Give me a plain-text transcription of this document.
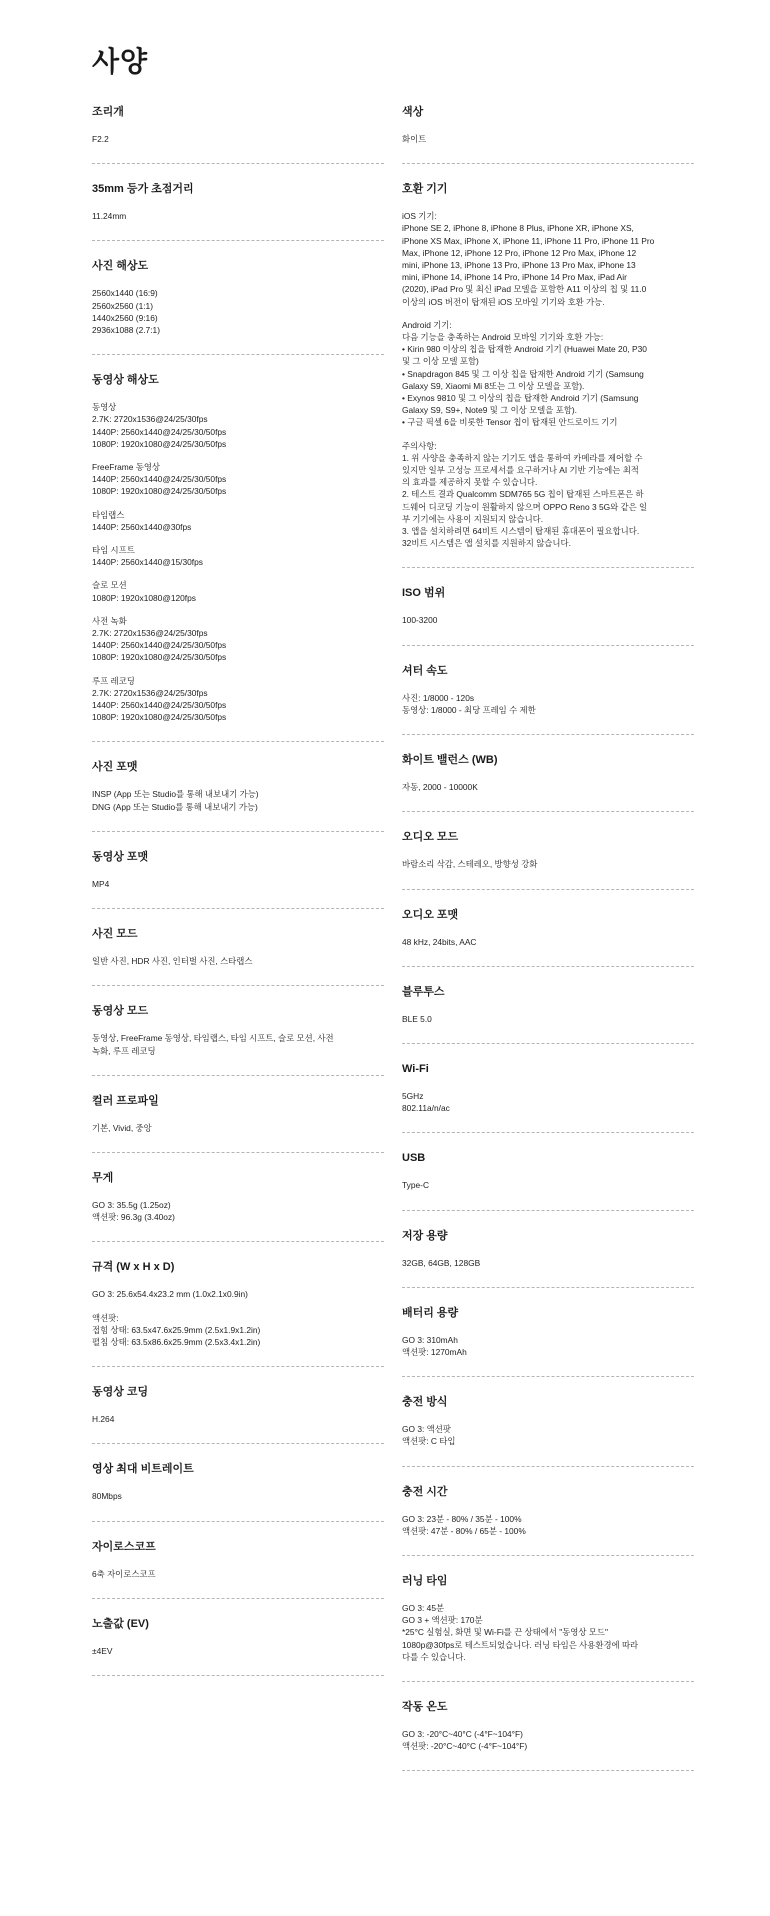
사양
조리개
F2.2
35mm 등가 초점거리
11.24mm
사진 해상도
2560x1440 (16:9)
2560x2560 (1:1)
1440x2560 (9:16)
2936x1088 (2.7:1)
동영상 해상도
동영상
2.7K: 2720x1536@24/25/30fps
1440P: 2560x1440@24/25/30/50fps
1080P: 1920x1080@24/25/30/50fps
FreeFrame 동영상
1440P: 2560x1440@24/25/30/50fps
1080P: 1920x1080@24/25/30/50fps
타임랩스
1440P: 2560x1440@30fps
타임 시프트
1440P: 2560x1440@15/30fps
슬로 모션
1080P: 1920x1080@120fps
사전 녹화
2.7K: 2720x1536@24/25/30fps
1440P: 2560x1440@24/25/30/50fps
1080P: 1920x1080@24/25/30/50fps
루프 레코딩
2.7K: 2720x1536@24/25/30fps
1440P: 2560x1440@24/25/30/50fps
1080P: 1920x1080@24/25/30/50fps
사진 포맷
INSP (App 또는 Studio를 통해 내보내기 가능)
DNG (App 또는 Studio를 통해 내보내기 가능)
동영상 포맷
MP4
사진 모드
일반 사진, HDR 사진, 인터벌 사진, 스타랩스
동영상 모드
동영상, FreeFrame 동영상, 타임랩스, 타임 시프트, 슬로 모션, 사전
녹화, 루프 레코딩
컬러 프로파일
기본, Vivid, 중앙
무게
GO 3: 35.5g (1.25oz)
액션팟: 96.3g (3.40oz)
규격 (W x H x D)
GO 3: 25.6x54.4x23.2 mm (1.0x2.1x0.9in)
액션팟:
접힘 상태: 63.5x47.6x25.9mm (2.5x1.9x1.2in)
펼침 상태: 63.5x86.6x25.9mm (2.5x3.4x1.2in)
동영상 코딩
H.264
영상 최대 비트레이트
80Mbps
자이로스코프
6축 자이로스코프
노출값 (EV)
±4EV
색상
화이트
호환 기기
iOS 기기:
iPhone SE 2, iPhone 8, iPhone 8 Plus, iPhone XR, iPhone XS,
iPhone XS Max, iPhone X, iPhone 11, iPhone 11 Pro, iPhone 11 Pro
Max, iPhone 12, iPhone 12 Pro, iPhone 12 Pro Max, iPhone 12
mini, iPhone 13, iPhone 13 Pro, iPhone 13 Pro Max, iPhone 13
mini, iPhone 14, iPhone 14 Pro, iPhone 14 Pro Max, iPad Air
(2020), iPad Pro 및 최신 iPad 모델을 포함한 A11 이상의 칩 및 11.0
이상의 iOS 버전이 탑재된 iOS 모바일 기기와 호환 가능.
Android 기기:
다음 기능을 충족하는 Android 모바일 기기와 호환 가능:
• Kirin 980 이상의 칩을 탑재한 Android 기기 (Huawei Mate 20, P30
및 그 이상 모델 포함)
• Snapdragon 845 및 그 이상 칩을 탑재한 Android 기기 (Samsung
Galaxy S9, Xiaomi Mi 8또는 그 이상 모델을 포함).
• Exynos 9810 및 그 이상의 칩을 탑재한 Android 기기 (Samsung
Galaxy S9, S9+, Note9 및 그 이상 모델을 포함).
• 구글 픽셀 6을 비롯한 Tensor 칩이 탑재된 안드로이드 기기
주의사항:
1. 위 사양을 충족하지 않는 기기도 앱을 통하여 카메라를 제어할 수
있지만 일부 고성능 프로세서를 요구하거나 AI 기반 기능에는 최적
의 효과를 제공하지 못할 수 있습니다.
2. 테스트 결과 Qualcomm SDM765 5G 칩이 탑재된 스마트폰은 하
드웨어 디코딩 기능이 원활하지 않으며 OPPO Reno 3 5G와 같은 일
부 기기에는 사용이 지원되지 않습니다.
3. 앱을 설치하려면 64비트 시스템이 탑재된 휴대폰이 필요합니다.
32비트 시스템은 앱 설치를 지원하지 않습니다.
ISO 범위
100-3200
셔터 속도
사진: 1/8000 - 120s
동영상: 1/8000 - 최당 프레임 수 제한
화이트 밸런스 (WB)
자동, 2000 - 10000K
오디오 모드
바람소리 삭감, 스테레오, 방향성 강화
오디오 포맷
48 kHz, 24bits, AAC
블루투스
BLE 5.0
Wi-Fi
5GHz
802.11a/n/ac
USB
Type-C
저장 용량
32GB, 64GB, 128GB
배터리 용량
GO 3: 310mAh
액션팟: 1270mAh
충전 방식
GO 3: 액션팟
액션팟: C 타입
충전 시간
GO 3: 23분 - 80% / 35분 - 100%
액션팟: 47분 - 80% / 65분 - 100%
러닝 타임
GO 3: 45분
GO 3 + 액션팟: 170분
*25°C 실험실, 화면 및 Wi-Fi를 끈 상태에서 "동영상 모드"
1080p@30fps로 테스트되었습니다. 러닝 타임은 사용환경에 따라
다를 수 있습니다.
작동 온도
GO 3: -20°C~40°C (-4°F~104°F)
액션팟: -20°C~40°C (-4°F~104°F)
